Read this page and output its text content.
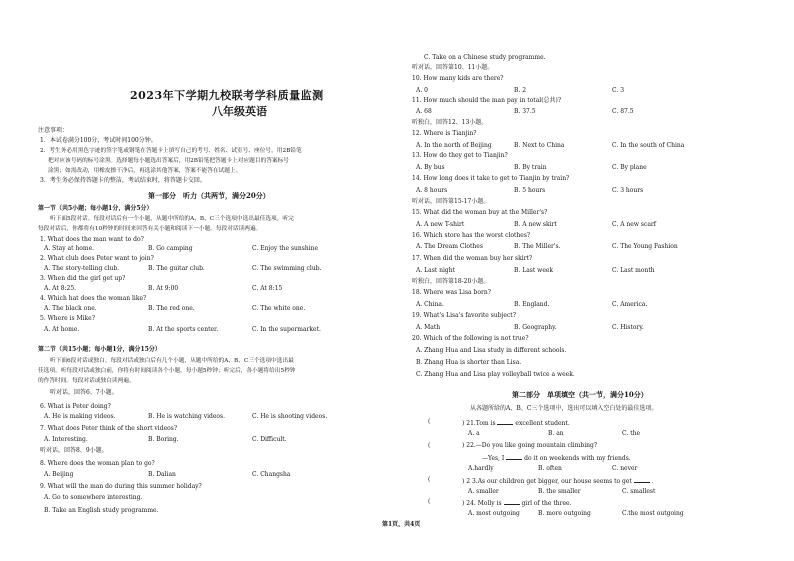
2023年下学期九校联考学科质量监测
八年级英语
注意事项：
1．本试卷满分100分，考试时间100分钟。
2．考生务必用黑色字迹的签字笔或钢笔在答题卡上填写自己的考号、姓名、试室号、座位号，用2B铅笔
把对应该号码的标号涂黑。选择题每小题选出答案后，用2B铅笔把答题卡上对应题目的答案标号
涂黑；如需改动，用橡皮擦干净后，再选涂其他答案，答案不能答在试题上。
3．考生务必保持答题卡的整洁，考试结束时，将答题卡交回。
第一部分　听力（共两节，满分20分）
第一节（共5小题；每小题1分，满分5分）
听下面5段对话。每段对话后有一个小题，从题中所给的A、B、C三个选项中选出最佳选项。听完
每段对话后，你都将有10秒钟的时间来回答有关小题和阅读下一小题。每段对话读两遍。
1. What does the man want to do?
A. Stay at home.	B. Go camping	C. Enjoy the sunshine
2. What club does Peter want to join?
A. The story-telling club.	B. The guitar club.	C. The swimming club.
3. When did the girl get up?
A. At 8:25.	B. At 9:00	C. At 8:15
4. Which hat does the woman like?
A. The black one.	B. The red one.	C. The white one.
5. Where is Mike?
A. At home.	B. At the sports center.	C. In the supermarket.
第二节（共15小题；每小题1分，满分15分）
听下面6段对话或独白。每段对话或独白后有几个小题，从题中所给的A、B、C三个选项中选出最
佳选项。听每段对话或独白前，你将有时间阅读各个小题，每小题5秒钟；听完后，各小题将给出5秒钟
的作答时间。每段对话或独白读两遍。
听对话，回答6、7小题。
6. What is Peter doing?
A. He is making videos.	B. He is watching videos.	C. He is shooting videos.
7. What does Peter think of the short videos?
A. Interesting.	B. Boring.	C. Difficult.
听对话，回答8、9小题。
8. Where does the woman plan to go?
A. Beijing	B. Dalian	C. Changsha
9. What will the man do during this summer holiday?
A. Go to somewhere interesting.
B. Take an English study programme.
C. Take on a Chinese study programme.
听对话，回答第10、11小题。
10. How many kids are there?
A. 0	B. 2	C. 3
11. How much should the man pay in total(总共)?
A. 68	B. 37.5	C. 87.5
听独白，回答12、13小题。
12. Where is Tianjin?
A. In the north of Beijing	B. Next to China	C. In the south of China
13. How do they get to Tianjin?
A. By bus	B. By train	C. By plane
14. How long does it take to get to Tianjin by train?
A. 8 hours	B. 5 hours	C. 3 hours
听对话，回答第15-17小题。
15. What did the woman buy at the Miller's?
A. A new T-shirt	B. A new skirt	C. A new scarf
16. Which store has the worst clothes?
A. The Dream Clothes	B. The Miller's.	C. The Young Fashion
17. When did the woman buy her skirt?
A. Last night	B. Last week	C. Last month
听独白，回答第18-20小题。
18. Where was Lisa born?
A. China.	B. England.	C. America.
19. What's Lisa's favorite subject?
A. Math	B. Geography.	C. History.
20. Which of the following is not true?
A. Zhang Hua and Lisa study in different schools.
B. Zhang Hua is shorter than Lisa.
C. Zhang Hua and Lisa play volleyball twice a week.
第二部分　单项填空（共一节，满分10分）
从各题所给的A、B、C三个选项中，选出可以填入空白处的最佳选项。
(	) 21.Tom is	excellent student.
A. a	B. an	C. the
(	) 22.—Do you like going mountain climbing?
—Yes, I	do it on weekends with my friends.
A.hardly	B. often	C. never
(	) 2 3.As our children get bigger, our house seems to get	.
A. smaller	B. the smaller	C. smallest
(	) 24. Molly is	girl of the three.
A. most outgoing	B. more outgoing	C.the most outgoing
第1页，共4页
